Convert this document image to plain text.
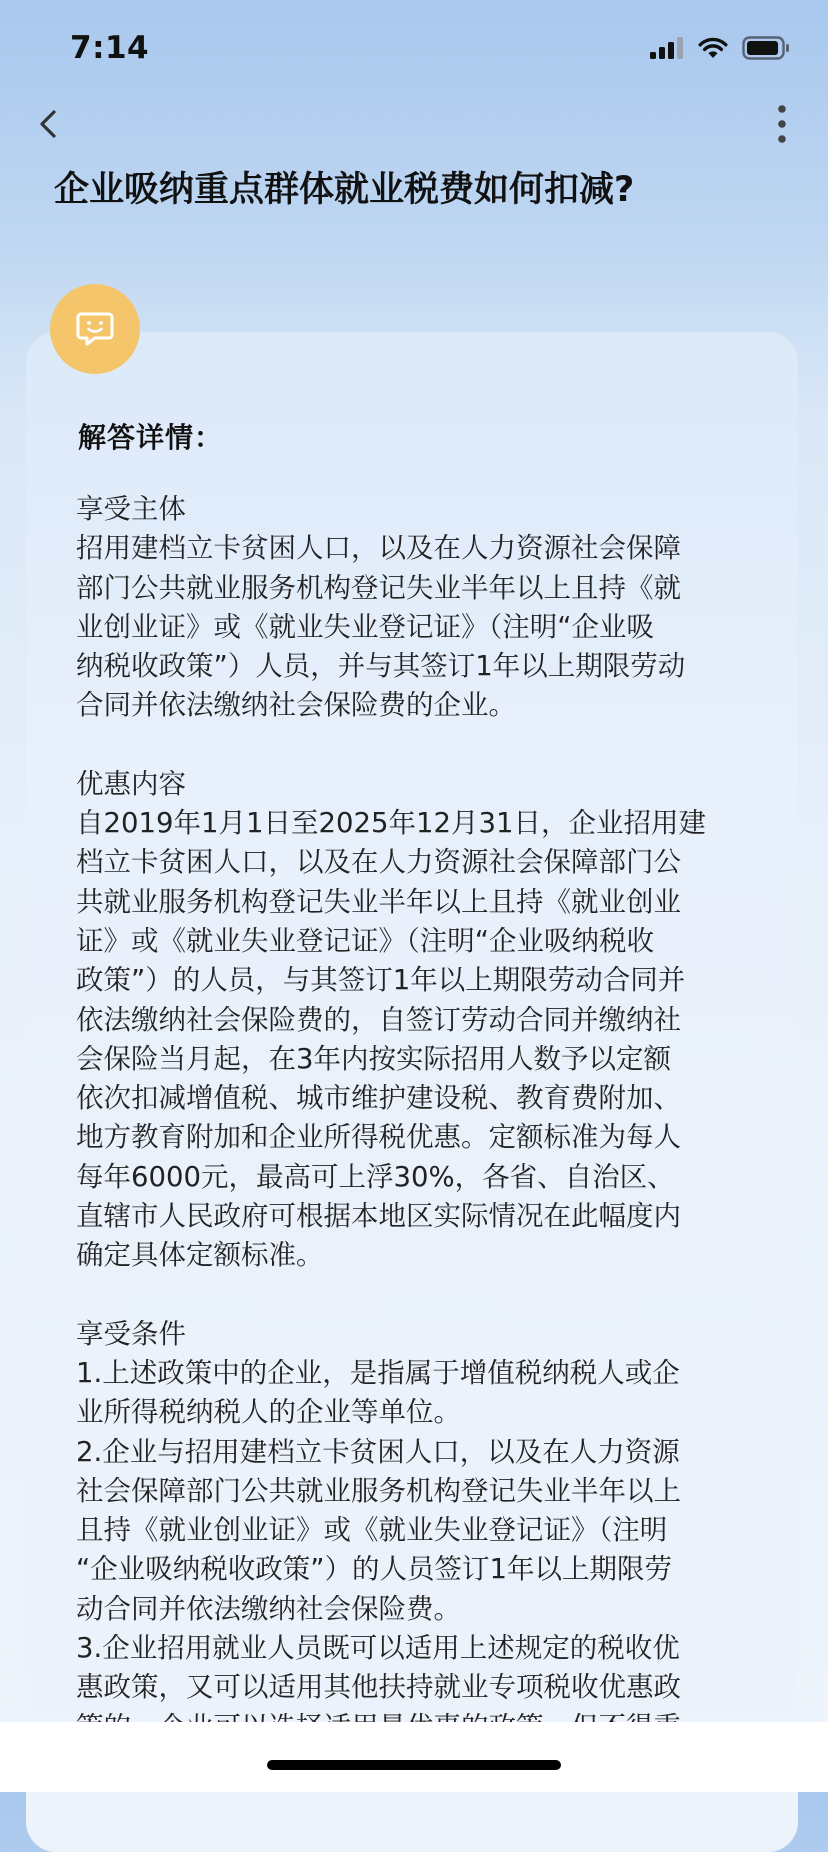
7:14
企业吸纳重点群体就业税费如何扣减?
解答详情：

享受主体

招用建档立卡贫困人口，以及在人力资源社会保障

部门公共就业服务机构登记失业半年以上且持《就

业创业证》或《就业失业登记证》（注明“企业吸

纳税收政策”）人员，并与其签订1年以上期限劳动

合同并依法缴纳社会保险费的企业。

优惠内容

自2019年1月1日至2025年12月31日，企业招用建

档立卡贫困人口，以及在人力资源社会保障部门公

共就业服务机构登记失业半年以上且持《就业创业

证》或《就业失业登记证》（注明“企业吸纳税收

政策”）的人员，与其签订1年以上期限劳动合同并

依法缴纳社会保险费的，自签订劳动合同并缴纳社

会保险当月起，在3年内按实际招用人数予以定额

依次扣减增值税、城市维护建设税、教育费附加、

地方教育附加和企业所得税优惠。定额标准为每人

每年6000元，最高可上浮30%，各省、自治区、

直辖市人民政府可根据本地区实际情况在此幅度内

确定具体定额标准。

享受条件

1.上述政策中的企业，是指属于增值税纳税人或企

业所得税纳税人的企业等单位。

2.企业与招用建档立卡贫困人口，以及在人力资源

社会保障部门公共就业服务机构登记失业半年以上

且持《就业创业证》或《就业失业登记证》（注明

“企业吸纳税收政策”）的人员签订1年以上期限劳

动合同并依法缴纳社会保险费。

3.企业招用就业人员既可以适用上述规定的税收优

惠政策，又可以适用其他扶持就业专项税收优惠政
